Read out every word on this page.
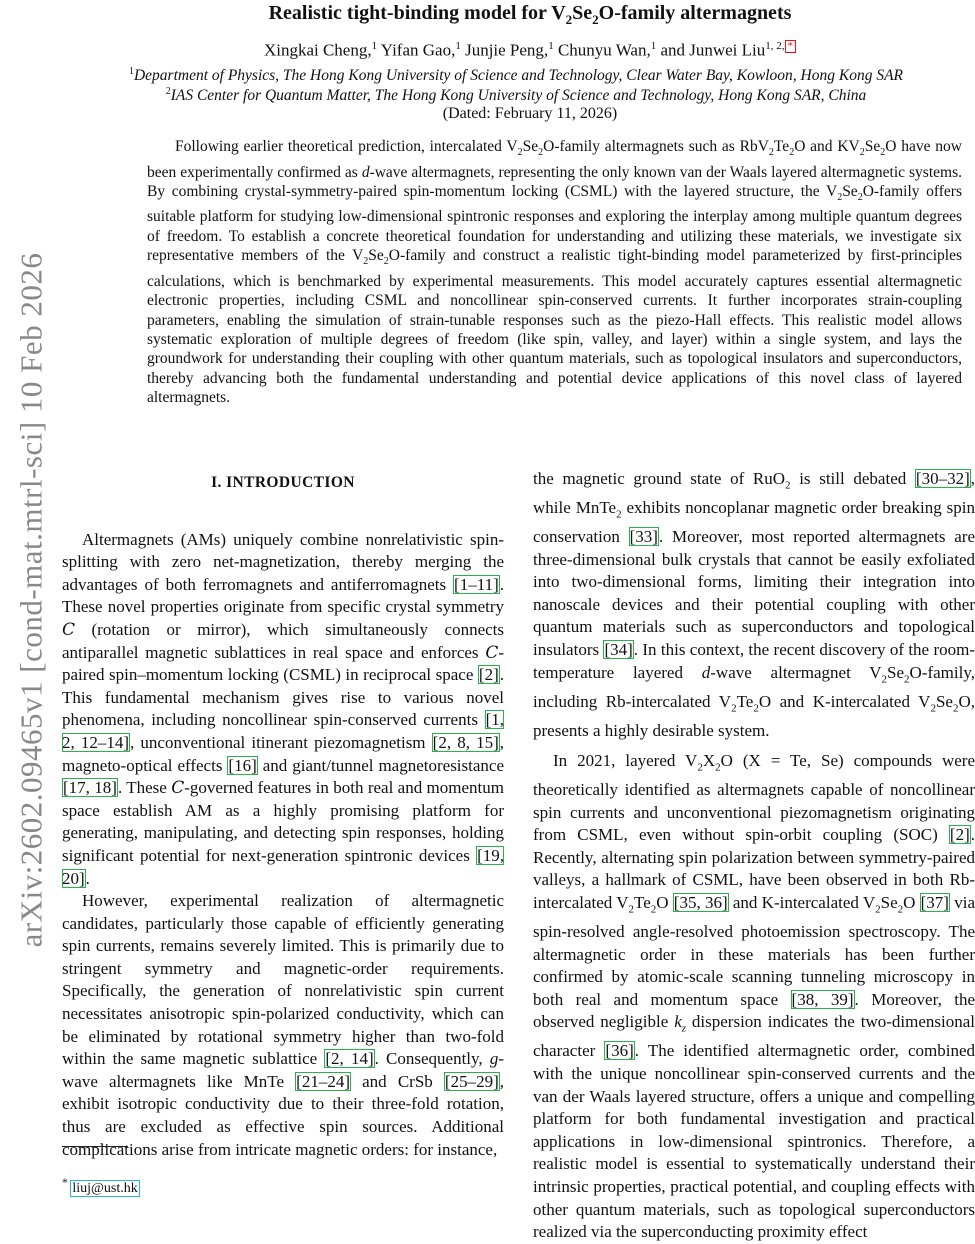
arXiv:2602.09465v1 [cond-mat.mtrl-sci] 10 Feb 2026
Realistic tight-binding model for $V_2Se_2O$-family altermagnets
Xingkai Cheng,$^1$ Yifan Gao,$^1$ Junjie Peng,$^1$ Chunyu Wan,$^1$ and Junwei Liu$^{1, 2,}$ *
$^1$Department of Physics, The Hong Kong University of Science and Technology, Clear Water Bay, Kowloon, Hong Kong SAR
$^2$IAS Center for Quantum Matter, The Hong Kong University of Science and Technology, Hong Kong SAR, China
(Dated: February 11, 2026)

Following earlier theoretical prediction, intercalated $V_2Se_2O$-family altermagnets such as $RbV_2Te_2O$ and $KV_2Se_2O$ have now been experimentally confirmed as d-wave altermagnets, representing the only known van der Waals layered altermagnetic systems. By combining crystal-symmetry-paired spin-momentum locking (CSML) with the layered structure, the $V_2Se_2O$-family offers suitable platform for studying low-dimensional spintronic responses and exploring the interplay among multiple quantum degrees of freedom. To establish a concrete theoretical foundation for understanding and utilizing these materials, we investigate six representative members of the $V_2Se_2O$-family and construct a realistic tight-binding model parameterized by first-principles calculations, which is benchmarked by experimental measurements. This model accurately captures essential altermagnetic electronic properties, including CSML and noncollinear spin-conserved currents. It further incorporates strain-coupling parameters, enabling the simulation of strain-tunable responses such as the piezo-Hall effects. This realistic model allows systematic exploration of multiple degrees of freedom (like spin, valley, and layer) within a single system, and lays the groundwork for understanding their coupling with other quantum materials, such as topological insulators and superconductors, thereby advancing both the fundamental understanding and potential device applications of this novel class of layered altermagnets.

I. INTRODUCTION

Altermagnets (AMs) uniquely combine nonrelativistic spin-splitting with zero net-magnetization, thereby merging the advantages of both ferromagnets and antiferromagnets [1–11]. These novel properties originate from specific crystal symmetry C (rotation or mirror), which simultaneously connects antiparallel magnetic sublattices in real space and enforces C-paired spin–momentum locking (CSML) in reciprocal space [2]. This fundamental mechanism gives rise to various novel phenomena, including noncollinear spin-conserved currents [1, 2, 12–14], unconventional itinerant piezomagnetism [2, 8, 15], magneto-optical effects [16] and giant/tunnel magnetoresistance [17, 18]. These C-governed features in both real and momentum space establish AM as a highly promising platform for generating, manipulating, and detecting spin responses, holding significant potential for next-generation spintronic devices [19, 20].

However, experimental realization of altermagnetic candidates, particularly those capable of efficiently generating spin currents, remains severely limited. This is primarily due to stringent symmetry and magnetic-order requirements. Specifically, the generation of nonrelativistic spin current necessitates anisotropic spin-polarized conductivity, which can be eliminated by rotational symmetry higher than two-fold within the same magnetic sublattice [2, 14]. Consequently, g-wave altermagnets like MnTe [21–24] and CrSb [25–29], exhibit isotropic conductivity due to their three-fold rotation, thus are excluded as effective spin sources. Additional complications arise from intricate magnetic orders: for instance,

the magnetic ground state of RuO$_2$ is still debated [30–32], while MnTe$_2$ exhibits noncoplanar magnetic order breaking spin conservation [33]. Moreover, most reported altermagnets are three-dimensional bulk crystals that cannot be easily exfoliated into two-dimensional forms, limiting their integration into nanoscale devices and their potential coupling with other quantum materials such as superconductors and topological insulators [34]. In this context, the recent discovery of the room-temperature layered d-wave altermagnet $V_2Se_2O$-family, including Rb-intercalated $V_2Te_2O$ and K-intercalated $V_2Se_2O$, presents a highly desirable system.

In 2021, layered $V_2X_2O$ (X = Te, Se) compounds were theoretically identified as altermagnets capable of noncollinear spin currents and unconventional piezomagnetism originating from CSML, even without spin-orbit coupling (SOC) [2]. Recently, alternating spin polarization between symmetry-paired valleys, a hallmark of CSML, have been observed in both Rb-intercalated $V_2Te_2O$ [35, 36] and K-intercalated $V_2Se_2O$ [37] via spin-resolved angle-resolved photoemission spectroscopy. The altermagnetic order in these materials has been further confirmed by atomic-scale scanning tunneling microscopy in both real and momentum space [38, 39]. Moreover, the observed negligible $k_z$ dispersion indicates the two-dimensional character [36]. The identified altermagnetic order, combined with the unique noncollinear spin-conserved currents and the van der Waals layered structure, offers a unique and compelling platform for both fundamental investigation and practical applications in low-dimensional spintronics. Therefore, a realistic model is essential to systematically understand their intrinsic properties, practical potential, and coupling effects with other quantum materials, such as topological superconductors realized via the superconducting proximity effect

* liuj@ust.hk
